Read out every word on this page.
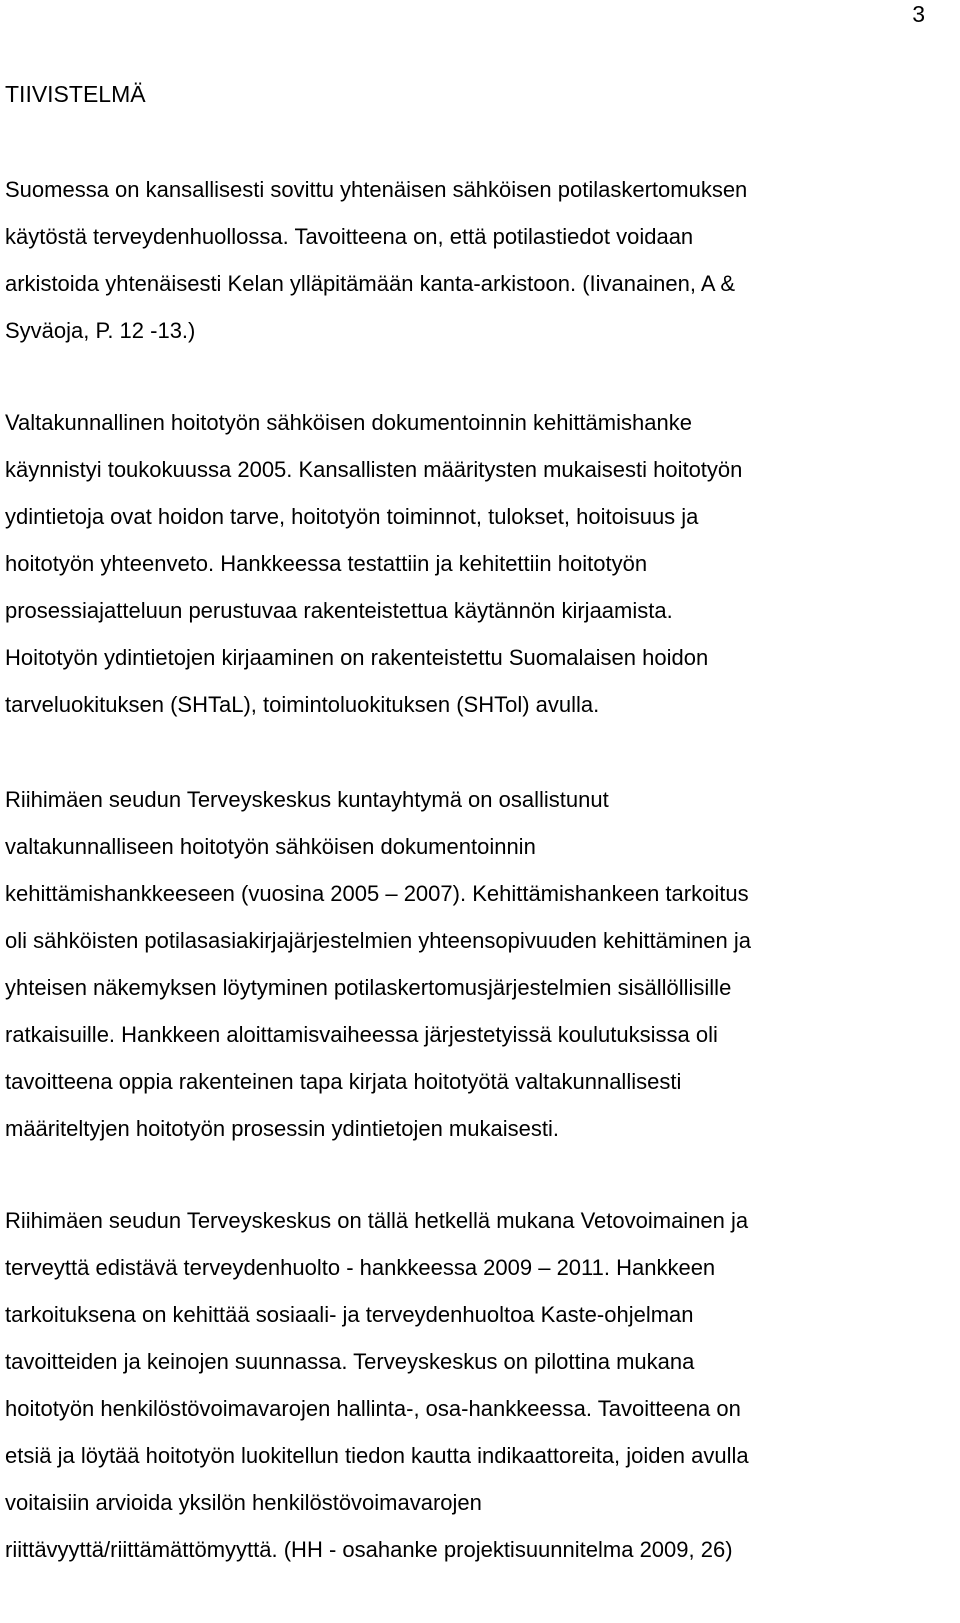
3
TIIVISTELMÄ

Suomessa on kansallisesti sovittu yhtenäisen sähköisen potilaskertomuksen
käytöstä terveydenhuollossa. Tavoitteena on, että potilastiedot voidaan
arkistoida yhtenäisesti Kelan ylläpitämään kanta-arkistoon. (Iivanainen, A &
Syväoja, P. 12 -13.)

Valtakunnallinen hoitotyön sähköisen dokumentoinnin kehittämishanke
käynnistyi toukokuussa 2005. Kansallisten määritysten mukaisesti hoitotyön
ydintietoja ovat hoidon tarve, hoitotyön toiminnot, tulokset, hoitoisuus ja
hoitotyön yhteenveto. Hankkeessa testattiin ja kehitettiin hoitotyön
prosessiajatteluun perustuvaa rakenteistettua käytännön kirjaamista.
Hoitotyön ydintietojen kirjaaminen on rakenteistettu Suomalaisen hoidon
tarveluokituksen (SHTaL), toimintoluokituksen (SHTol) avulla.

Riihimäen seudun Terveyskeskus kuntayhtymä on osallistunut
valtakunnalliseen hoitotyön sähköisen dokumentoinnin
kehittämishankkeeseen (vuosina 2005 – 2007). Kehittämishankeen tarkoitus
oli sähköisten potilasasiakirjajärjestelmien yhteensopivuuden kehittäminen ja
yhteisen näkemyksen löytyminen potilaskertomusjärjestelmien sisällöllisille
ratkaisuille. Hankkeen aloittamisvaiheessa järjestetyissä koulutuksissa oli
tavoitteena oppia rakenteinen tapa kirjata hoitotyötä valtakunnallisesti
määriteltyjen hoitotyön prosessin ydintietojen mukaisesti.

Riihimäen seudun Terveyskeskus on tällä hetkellä mukana Vetovoimainen ja
terveyttä edistävä terveydenhuolto - hankkeessa 2009 – 2011. Hankkeen
tarkoituksena on kehittää sosiaali- ja terveydenhuoltoa Kaste-ohjelman
tavoitteiden ja keinojen suunnassa. Terveyskeskus on pilottina mukana
hoitotyön henkilöstövoimavarojen hallinta-, osa-hankkeessa. Tavoitteena on
etsiä ja löytää hoitotyön luokitellun tiedon kautta indikaattoreita, joiden avulla
voitaisiin arvioida yksilön henkilöstövoimavarojen
riittävyyttä/riittämättömyyttä. (HH - osahanke projektisuunnitelma 2009, 26)
